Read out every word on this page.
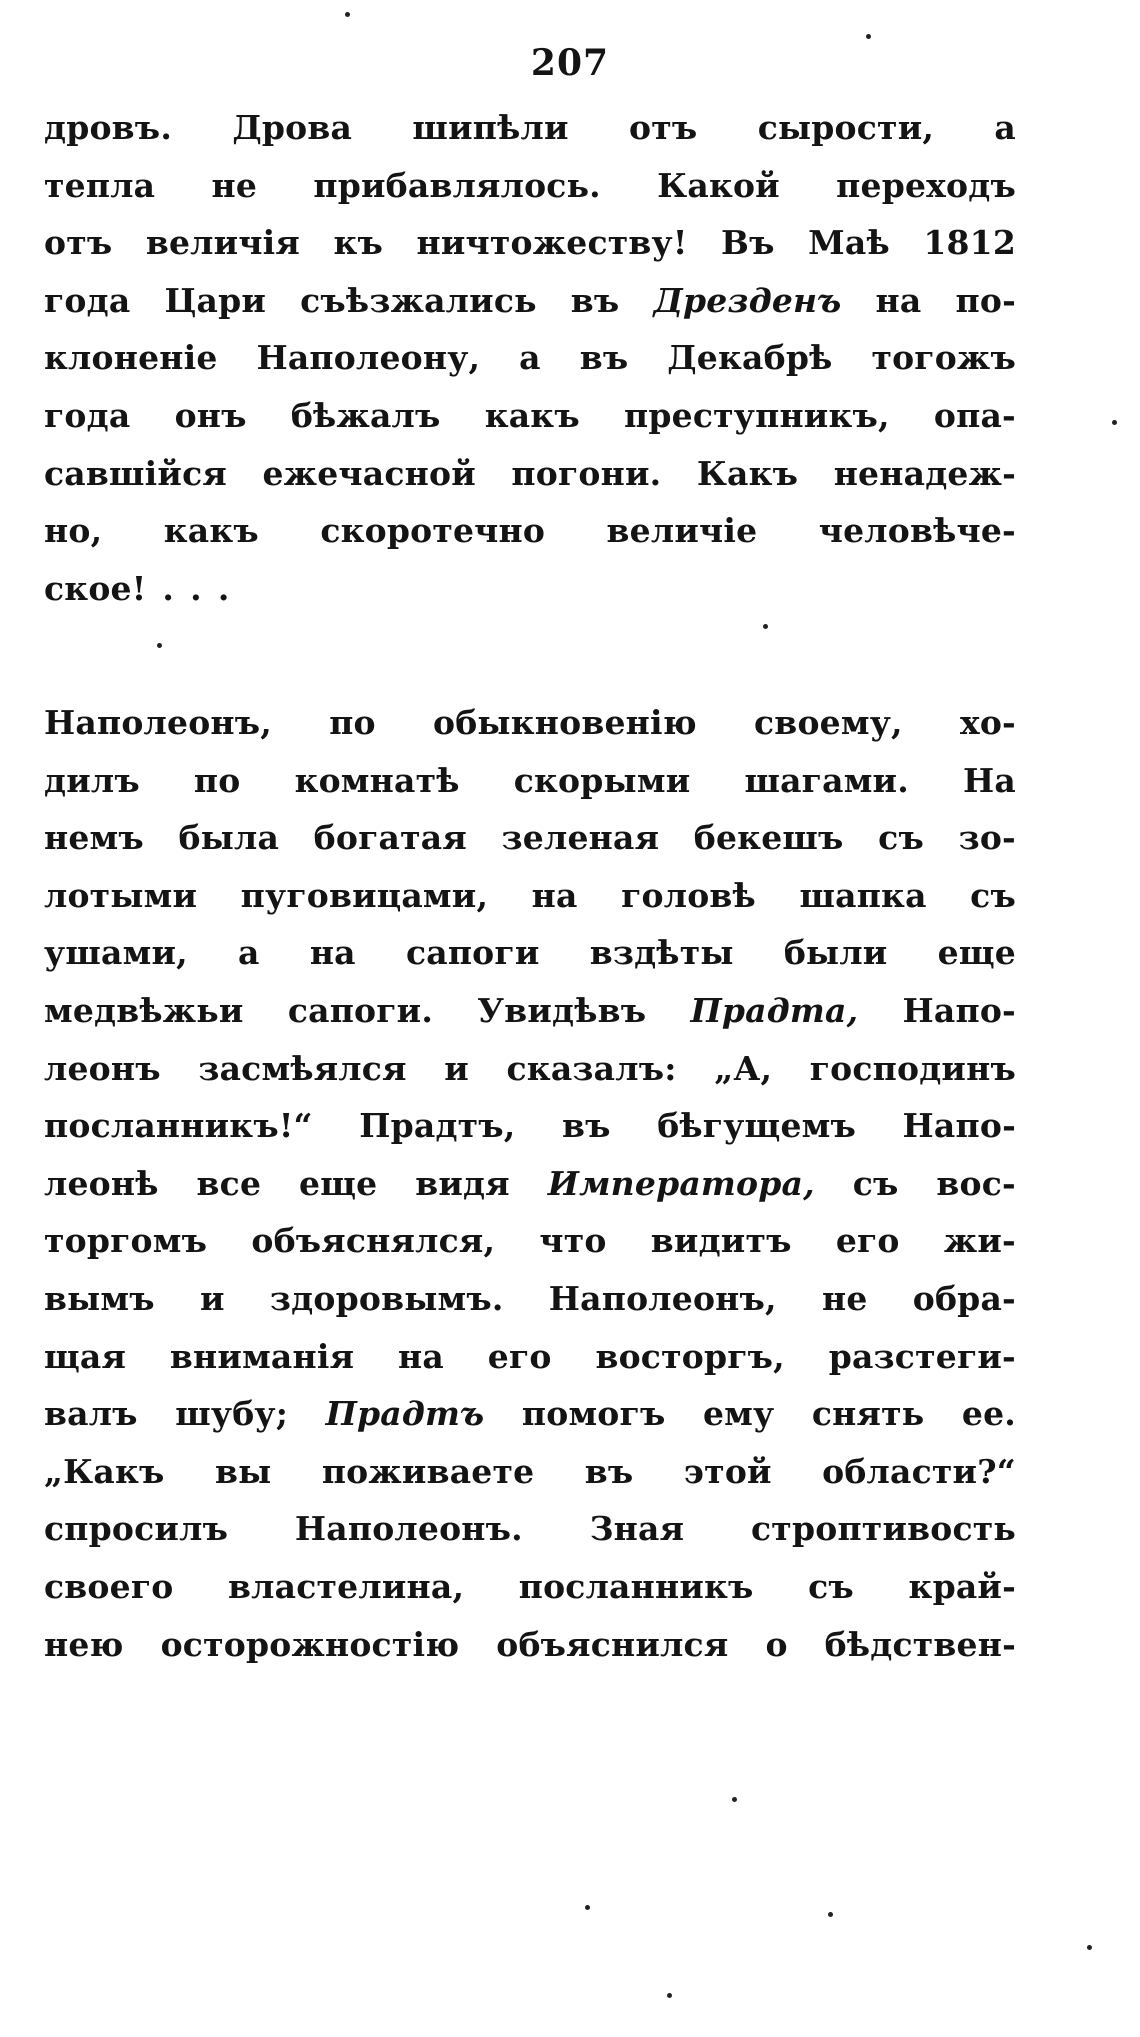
207
дровъ. Дрова шипѣли отъ сырости, а
тепла не прибавлялось. Какой переходъ
отъ величія къ ничтожеству! Въ Маѣ 1812
года Цари съѣзжались въ Дрезденъ на по-
клоненіе Наполеону, а въ Декабрѣ тогожъ
года онъ бѣжалъ какъ преступникъ, опа-
савшійся ежечасной погони. Какъ ненадеж-
но, какъ скоротечно величіе человѣче-
ское! . . .
Наполеонъ, по обыкновенію своему, хо-
дилъ по комнатѣ скорыми шагами. На
немъ была богатая зеленая бекешъ съ зо-
лотыми пуговицами, на головѣ шапка съ
ушами, а на сапоги вздѣты были еще
медвѣжьи сапоги. Увидѣвъ Прадта, Напо-
леонъ засмѣялся и сказалъ: „А, господинъ
посланникъ!“ Прадтъ, въ бѣгущемъ Напо-
леонѣ все еще видя Императора, съ вос-
торгомъ объяснялся, что видитъ его жи-
вымъ и здоровымъ. Наполеонъ, не обра-
щая вниманія на его восторгъ, разстеги-
валъ шубу; Прадтъ помогъ ему снять ее.
„Какъ вы поживаете въ этой области?“
спросилъ Наполеонъ. Зная строптивость
своего властелина, посланникъ съ край-
нею осторожностію объяснился о бѣдствен-
